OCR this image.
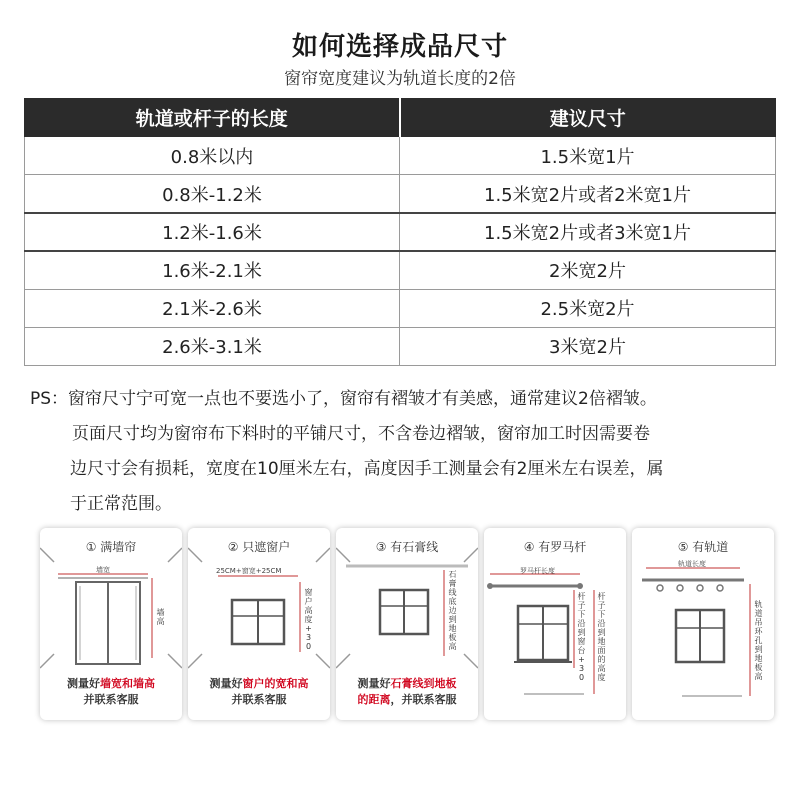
如何选择成品尺寸
窗帘宽度建议为轨道长度的2倍
轨道或杆子的长度	建议尺寸
0.8米以内	1.5米宽1片
0.8米-1.2米	1.5米宽2片或者2米宽1片
1.2米-1.6米	1.5米宽2片或者3米宽1片
1.6米-2.1米	2米宽2片
2.1米-2.6米	2.5米宽2片
2.6米-3.1米	3米宽2片
PS：窗帘尺寸宁可宽一点也不要选小了，窗帘有褶皱才有美感，通常建议2倍褶皱。
页面尺寸均为窗帘布下料时的平铺尺寸，不含卷边褶皱，窗帘加工时因需要卷
边尺寸会有损耗，宽度在10厘米左右，高度因手工测量会有2厘米左右误差，属
于正常范围。
① 满墙帘
墙宽
墙高
测量好墙宽和墙高
并联系客服
② 只遮窗户
25CM+窗宽+25CM
窗户高度+30
测量好窗户的宽和高
并联系客服
③ 有石膏线
石膏线底边到地板高
测量好石膏线到地板
的距离，并联系客服
④ 有罗马杆
罗马杆长度
杆子下沿到窗台+30
杆子下沿到地面的高度
⑤ 有轨道
轨道长度
轨道吊环孔到地板高
